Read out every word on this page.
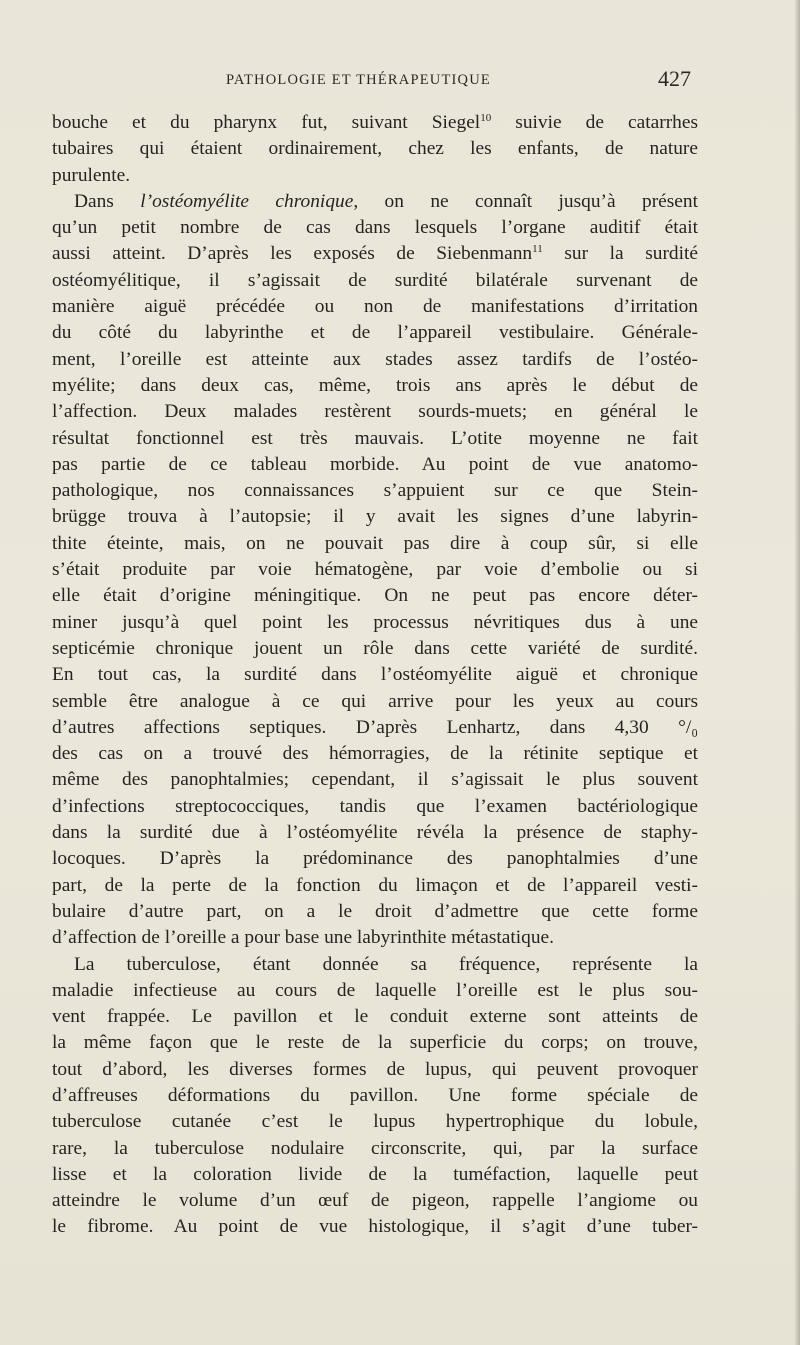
PATHOLOGIE ET THÉRAPEUTIQUE	427
bouche et du pharynx fut, suivant Siegel$^{10}$ suivie de catarrhes
tubaires qui étaient ordinairement, chez les enfants, de nature
purulente.
Dans l’ostéomyélite chronique, on ne connaît jusqu’à présent
qu’un petit nombre de cas dans lesquels l’organe auditif était
aussi atteint. D’après les exposés de Siebenmann$^{11}$ sur la surdité
ostéomyélitique, il s’agissait de surdité bilatérale survenant de
manière aiguë précédée ou non de manifestations d’irritation
du côté du labyrinthe et de l’appareil vestibulaire. Générale-
ment, l’oreille est atteinte aux stades assez tardifs de l’ostéo-
myélite; dans deux cas, même, trois ans après le début de
l’affection. Deux malades restèrent sourds-muets; en général le
résultat fonctionnel est très mauvais. L’otite moyenne ne fait
pas partie de ce tableau morbide. Au point de vue anatomo-
pathologique, nos connaissances s’appuient sur ce que Stein-
brügge trouva à l’autopsie; il y avait les signes d’une labyrin-
thite éteinte, mais, on ne pouvait pas dire à coup sûr, si elle
s’était produite par voie hématogène, par voie d’embolie ou si
elle était d’origine méningitique. On ne peut pas encore déter-
miner jusqu’à quel point les processus névritiques dus à une
septicémie chronique jouent un rôle dans cette variété de surdité.
En tout cas, la surdité dans l’ostéomyélite aiguë et chronique
semble être analogue à ce qui arrive pour les yeux au cours
d’autres affections septiques. D’après Lenhartz, dans 4,30 °/₀
des cas on a trouvé des hémorragies, de la rétinite septique et
même des panophtalmies; cependant, il s’agissait le plus souvent
d’infections streptococciques, tandis que l’examen bactériologique
dans la surdité due à l’ostéomyélite révéla la présence de staphy-
locoques. D’après la prédominance des panophtalmies d’une
part, de la perte de la fonction du limaçon et de l’appareil vesti-
bulaire d’autre part, on a le droit d’admettre que cette forme
d’affection de l’oreille a pour base une labyrinthite métastatique.
La tuberculose, étant donnée sa fréquence, représente la
maladie infectieuse au cours de laquelle l’oreille est le plus sou-
vent frappée. Le pavillon et le conduit externe sont atteints de
la même façon que le reste de la superficie du corps; on trouve,
tout d’abord, les diverses formes de lupus, qui peuvent provoquer
d’affreuses déformations du pavillon. Une forme spéciale de
tuberculose cutanée c’est le lupus hypertrophique du lobule,
rare, la tuberculose nodulaire circonscrite, qui, par la surface
lisse et la coloration livide de la tuméfaction, laquelle peut
atteindre le volume d’un œuf de pigeon, rappelle l’angiome ou
le fibrome. Au point de vue histologique, il s’agit d’une tuber-
